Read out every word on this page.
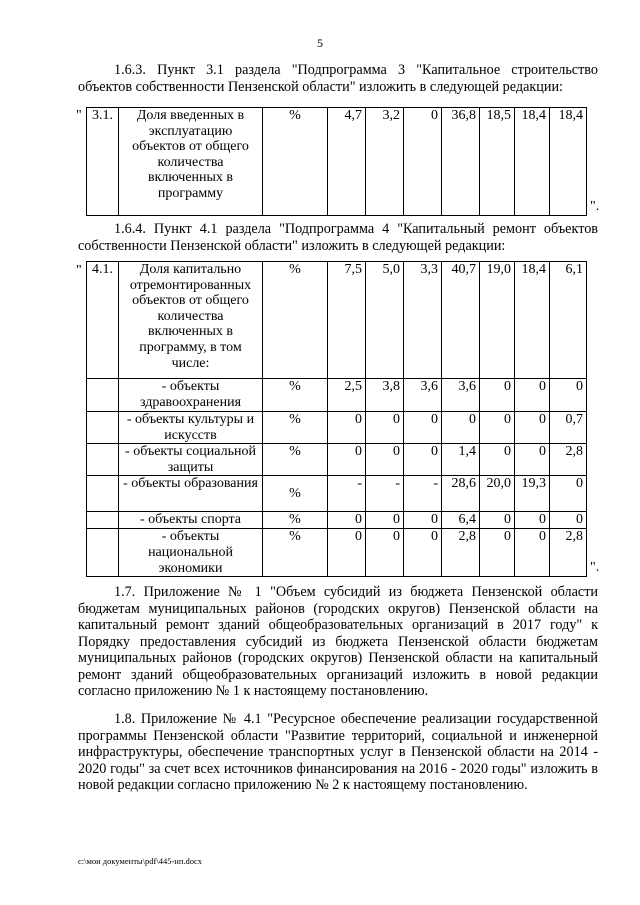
5
1.6.3. Пункт 3.1 раздела "Подпрограмма 3 "Капитальное строительство объектов собственности Пензенской области" изложить в следующей редакции:
" 3.1.	Доля введенных в эксплуатацию объектов от общего количества включенных в программу	%	4,7	3,2	0	36,8	18,5	18,4	18,4
".
1.6.4. Пункт 4.1 раздела "Подпрограмма 4 "Капитальный ремонт объектов собственности Пензенской области" изложить в следующей редакции:
" 4.1.	Доля капитально отремонтированных объектов от общего количества включенных в программу, в том числе:	%	7,5	5,0	3,3	40,7	19,0	18,4	6,1
	- объекты здравоохранения	%	2,5	3,8	3,6	3,6	0	0	0
	- объекты культуры и искусств	%	0	0	0	0	0	0	0,7
	- объекты социальной защиты	%	0	0	0	1,4	0	0	2,8
	- объекты образования	%	-	-	-	28,6	20,0	19,3	0
	- объекты спорта	%	0	0	0	6,4	0	0	0
	- объекты национальной экономики	%	0	0	0	2,8	0	0	2,8
".
1.7. Приложение № 1 "Объем субсидий из бюджета Пензенской области бюджетам муниципальных районов (городских округов) Пензенской области на капитальный ремонт зданий общеобразовательных организаций в 2017 году" к Порядку предоставления субсидий из бюджета Пензенской области бюджетам муниципальных районов (городских округов) Пензенской области на капитальный ремонт зданий общеобразовательных организаций изложить в новой редакции согласно приложению № 1 к настоящему постановлению.
1.8. Приложение № 4.1 "Ресурсное обеспечение реализации государственной программы Пензенской области "Развитие территорий, социальной и инженерной инфраструктуры, обеспечение транспортных услуг в Пензенской области на 2014 - 2020 годы" за счет всех источников финансирования на 2016 - 2020 годы" изложить в новой редакции согласно приложению № 2 к настоящему постановлению.
c:\мои документы\pdf\445-нп.docx
